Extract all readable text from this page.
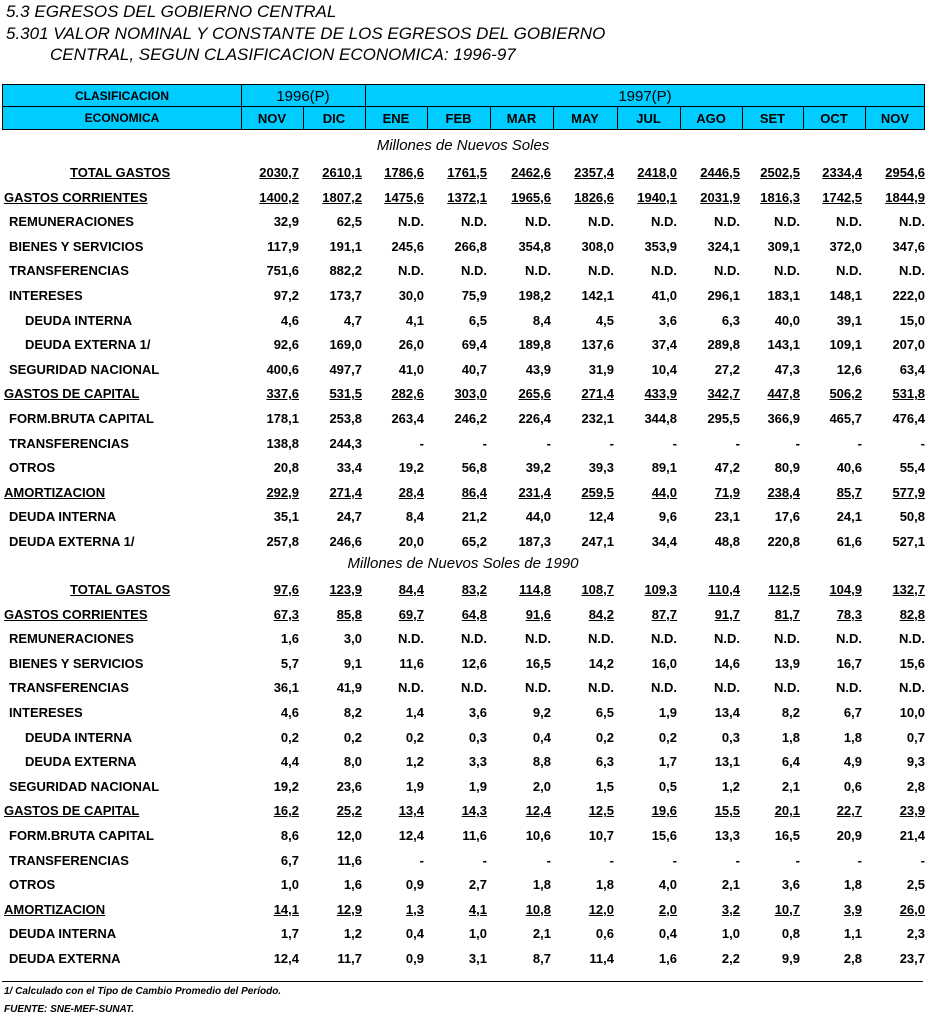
5.3 EGRESOS DEL GOBIERNO CENTRAL
5.301 VALOR NOMINAL Y CONSTANTE DE LOS EGRESOS DEL GOBIERNO
CENTRAL, SEGUN CLASIFICACION ECONOMICA: 1996-97
CLASIFICACION
ECONOMICA
1996(P)	1997(P)
NOV	DIC	ENE	FEB	MAR	MAY	JUL	AGO	SET	OCT	NOV
Millones de Nuevos Soles
TOTAL GASTOS	2030,7	2610,1	1786,6	1761,5	2462,6	2357,4	2418,0	2446,5	2502,5	2334,4	2954,6
GASTOS CORRIENTES	1400,2	1807,2	1475,6	1372,1	1965,6	1826,6	1940,1	2031,9	1816,3	1742,5	1844,9
REMUNERACIONES	32,9	62,5	N.D.	N.D.	N.D.	N.D.	N.D.	N.D.	N.D.	N.D.	N.D.
BIENES Y SERVICIOS	117,9	191,1	245,6	266,8	354,8	308,0	353,9	324,1	309,1	372,0	347,6
TRANSFERENCIAS	751,6	882,2	N.D.	N.D.	N.D.	N.D.	N.D.	N.D.	N.D.	N.D.	N.D.
INTERESES	97,2	173,7	30,0	75,9	198,2	142,1	41,0	296,1	183,1	148,1	222,0
DEUDA INTERNA	4,6	4,7	4,1	6,5	8,4	4,5	3,6	6,3	40,0	39,1	15,0
DEUDA EXTERNA 1/	92,6	169,0	26,0	69,4	189,8	137,6	37,4	289,8	143,1	109,1	207,0
SEGURIDAD NACIONAL	400,6	497,7	41,0	40,7	43,9	31,9	10,4	27,2	47,3	12,6	63,4
GASTOS DE CAPITAL	337,6	531,5	282,6	303,0	265,6	271,4	433,9	342,7	447,8	506,2	531,8
FORM.BRUTA CAPITAL	178,1	253,8	263,4	246,2	226,4	232,1	344,8	295,5	366,9	465,7	476,4
TRANSFERENCIAS	138,8	244,3	-	-	-	-	-	-	-	-	-
OTROS	20,8	33,4	19,2	56,8	39,2	39,3	89,1	47,2	80,9	40,6	55,4
AMORTIZACION	292,9	271,4	28,4	86,4	231,4	259,5	44,0	71,9	238,4	85,7	577,9
DEUDA INTERNA	35,1	24,7	8,4	21,2	44,0	12,4	9,6	23,1	17,6	24,1	50,8
DEUDA EXTERNA 1/	257,8	246,6	20,0	65,2	187,3	247,1	34,4	48,8	220,8	61,6	527,1
Millones de Nuevos Soles de 1990
TOTAL GASTOS	97,6	123,9	84,4	83,2	114,8	108,7	109,3	110,4	112,5	104,9	132,7
GASTOS CORRIENTES	67,3	85,8	69,7	64,8	91,6	84,2	87,7	91,7	81,7	78,3	82,8
REMUNERACIONES	1,6	3,0	N.D.	N.D.	N.D.	N.D.	N.D.	N.D.	N.D.	N.D.	N.D.
BIENES Y SERVICIOS	5,7	9,1	11,6	12,6	16,5	14,2	16,0	14,6	13,9	16,7	15,6
TRANSFERENCIAS	36,1	41,9	N.D.	N.D.	N.D.	N.D.	N.D.	N.D.	N.D.	N.D.	N.D.
INTERESES	4,6	8,2	1,4	3,6	9,2	6,5	1,9	13,4	8,2	6,7	10,0
DEUDA INTERNA	0,2	0,2	0,2	0,3	0,4	0,2	0,2	0,3	1,8	1,8	0,7
DEUDA EXTERNA	4,4	8,0	1,2	3,3	8,8	6,3	1,7	13,1	6,4	4,9	9,3
SEGURIDAD NACIONAL	19,2	23,6	1,9	1,9	2,0	1,5	0,5	1,2	2,1	0,6	2,8
GASTOS DE CAPITAL	16,2	25,2	13,4	14,3	12,4	12,5	19,6	15,5	20,1	22,7	23,9
FORM.BRUTA CAPITAL	8,6	12,0	12,4	11,6	10,6	10,7	15,6	13,3	16,5	20,9	21,4
TRANSFERENCIAS	6,7	11,6	-	-	-	-	-	-	-	-	-
OTROS	1,0	1,6	0,9	2,7	1,8	1,8	4,0	2,1	3,6	1,8	2,5
AMORTIZACION	14,1	12,9	1,3	4,1	10,8	12,0	2,0	3,2	10,7	3,9	26,0
DEUDA INTERNA	1,7	1,2	0,4	1,0	2,1	0,6	0,4	1,0	0,8	1,1	2,3
DEUDA EXTERNA	12,4	11,7	0,9	3,1	8,7	11,4	1,6	2,2	9,9	2,8	23,7
1/ Calculado con el Tipo de Cambio Promedio del Período.
FUENTE: SNE-MEF-SUNAT.
